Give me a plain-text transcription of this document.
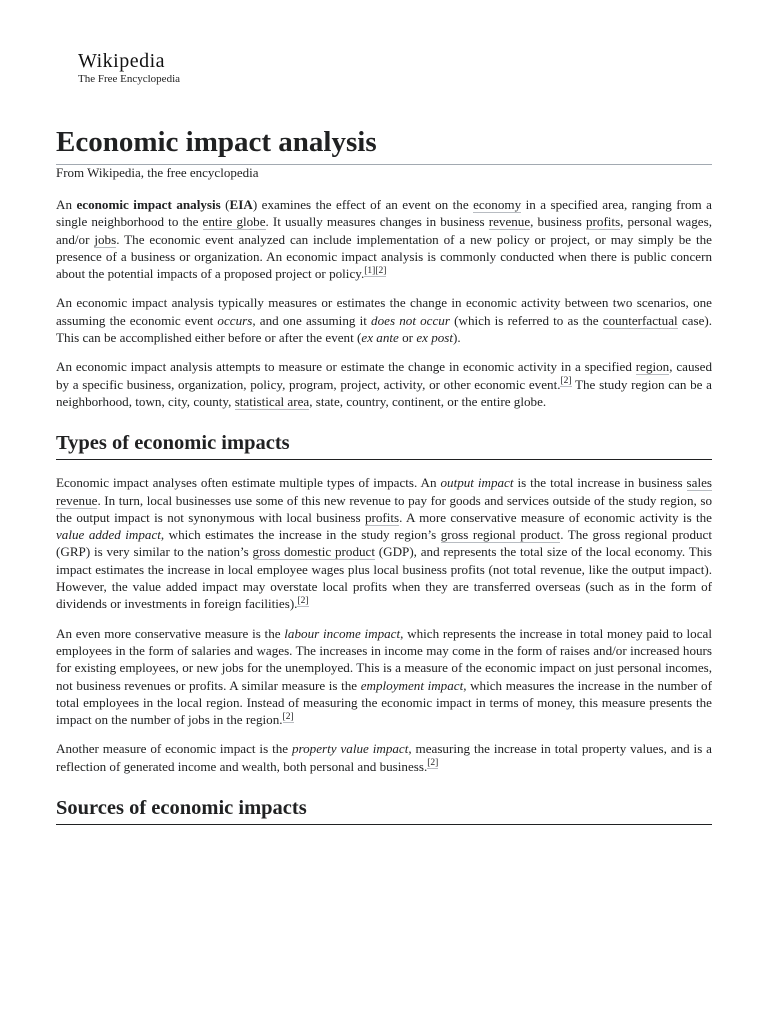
Wikipedia
The Free Encyclopedia
Economic impact analysis
From Wikipedia, the free encyclopedia

An economic impact analysis (EIA) examines the effect of an event on the economy in a specified area, ranging from a single neighborhood to the entire globe. It usually measures changes in business revenue, business profits, personal wages, and/or jobs. The economic event analyzed can include implementation of a new policy or project, or may simply be the presence of a business or organization. An economic impact analysis is commonly conducted when there is public concern about the potential impacts of a proposed project or policy.[1][2]

An economic impact analysis typically measures or estimates the change in economic activity between two scenarios, one assuming the economic event occurs, and one assuming it does not occur (which is referred to as the counterfactual case). This can be accomplished either before or after the event (ex ante or ex post).

An economic impact analysis attempts to measure or estimate the change in economic activity in a specified region, caused by a specific business, organization, policy, program, project, activity, or other economic event.[2] The study region can be a neighborhood, town, city, county, statistical area, state, country, continent, or the entire globe.

Types of economic impacts

Economic impact analyses often estimate multiple types of impacts. An output impact is the total increase in business sales revenue. In turn, local businesses use some of this new revenue to pay for goods and services outside of the study region, so the output impact is not synonymous with local business profits. A more conservative measure of economic activity is the value added impact, which estimates the increase in the study region’s gross regional product. The gross regional product (GRP) is very similar to the nation’s gross domestic product (GDP), and represents the total size of the local economy. This impact estimates the increase in local employee wages plus local business profits (not total revenue, like the output impact). However, the value added impact may overstate local profits when they are transferred overseas (such as in the form of dividends or investments in foreign facilities).[2]

An even more conservative measure is the labour income impact, which represents the increase in total money paid to local employees in the form of salaries and wages. The increases in income may come in the form of raises and/or increased hours for existing employees, or new jobs for the unemployed. This is a measure of the economic impact on just personal incomes, not business revenues or profits. A similar measure is the employment impact, which measures the increase in the number of total employees in the local region. Instead of measuring the economic impact in terms of money, this measure presents the impact on the number of jobs in the region.[2]

Another measure of economic impact is the property value impact, measuring the increase in total property values, and is a reflection of generated income and wealth, both personal and business.[2]

Sources of economic impacts
